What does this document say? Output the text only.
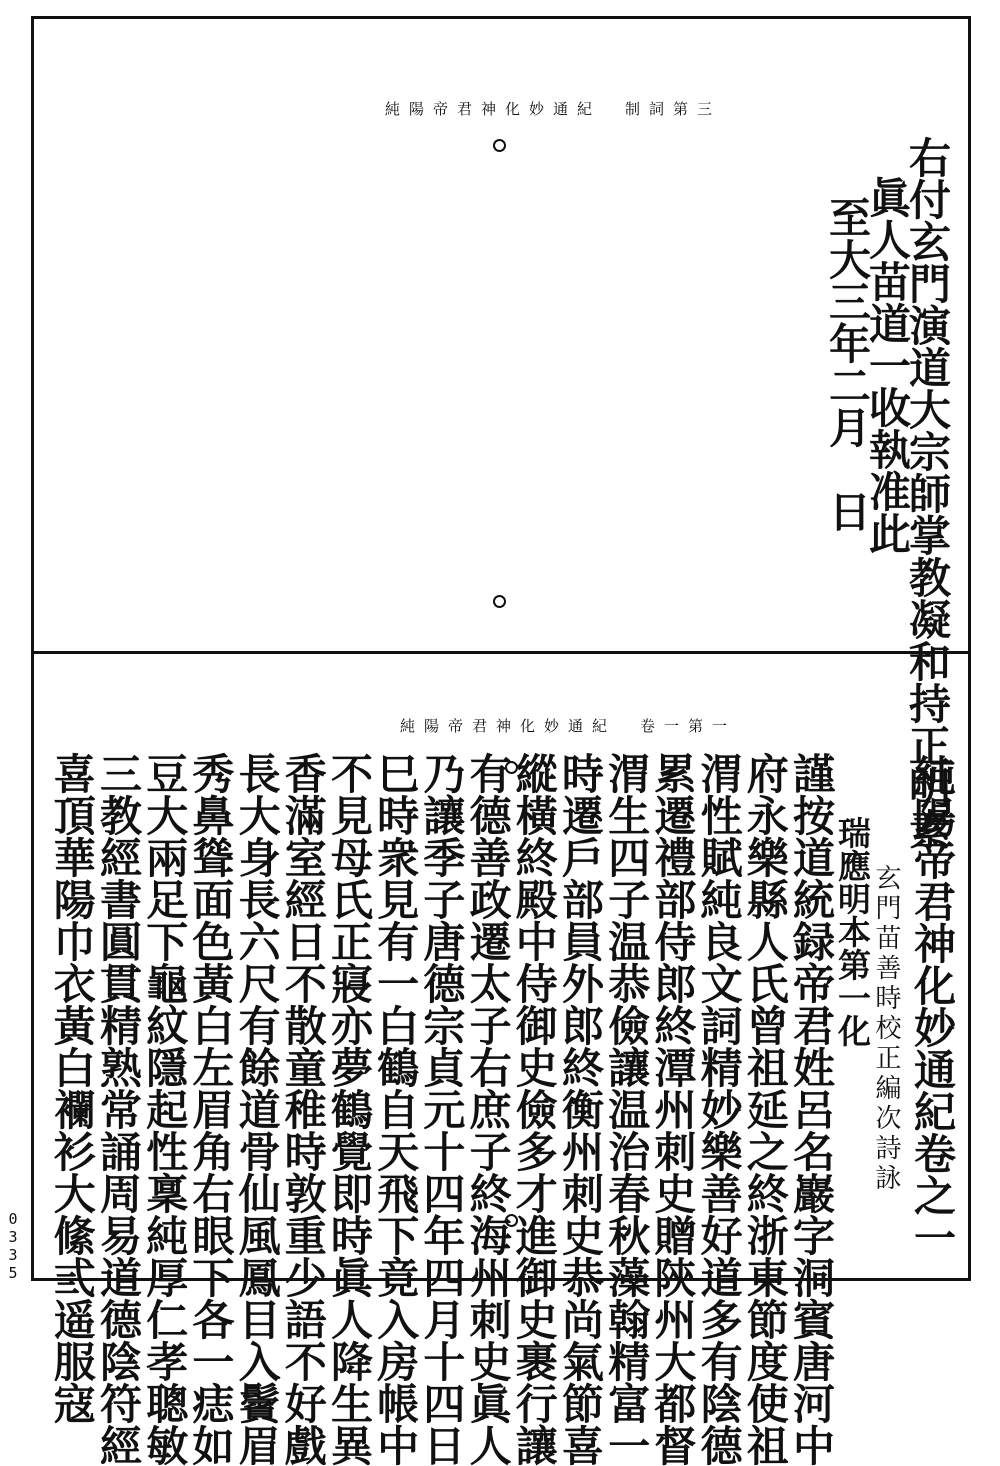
純陽帝君神化妙通紀　制詞第三
右付玄門演道大宗師掌教凝和持正明素
眞人苗道一收執准此
至大三年二月　日
純陽帝君神化妙通紀　卷一第一
純陽帝君神化妙通紀卷之一
玄門苗善時校正編次詩詠
瑞應明本第一化
謹按道統録帝君姓呂名巖字洞賓唐河中
府永樂縣人氏曾祖延之終浙東節度使祖
渭性賦純良文詞精妙樂善好道多有陰德
累遷禮部侍郎終潭州刺史贈陝州大都督
渭生四子温恭儉讓温治春秋藻翰精富一
時遷戶部員外郎終衡州刺史恭尚氣節喜
縱橫終殿中侍御史儉多才進御史裹行讓
有德善政遷太子右庶子終海州刺史眞人
乃讓季子唐德宗貞元十四年四月十四日
巳時衆見有一白鶴自天飛下竟入房帳中
不見母氏正寢亦夢鶴覺即時眞人降生異
香滿室經日不散童稚時敦重少語不好戲
長大身長六尺有餘道骨仙風鳳目入鬢眉
秀鼻聳面色黃白左眉角右眼下各一痣如
豆大兩足下龜紋隱起性稟純厚仁孝聰敏
三教經書圓貫精熟常誦周易道德陰符經
喜頂華陽巾衣黃白襴衫大絛弎遥服寇
0
3
3
5
